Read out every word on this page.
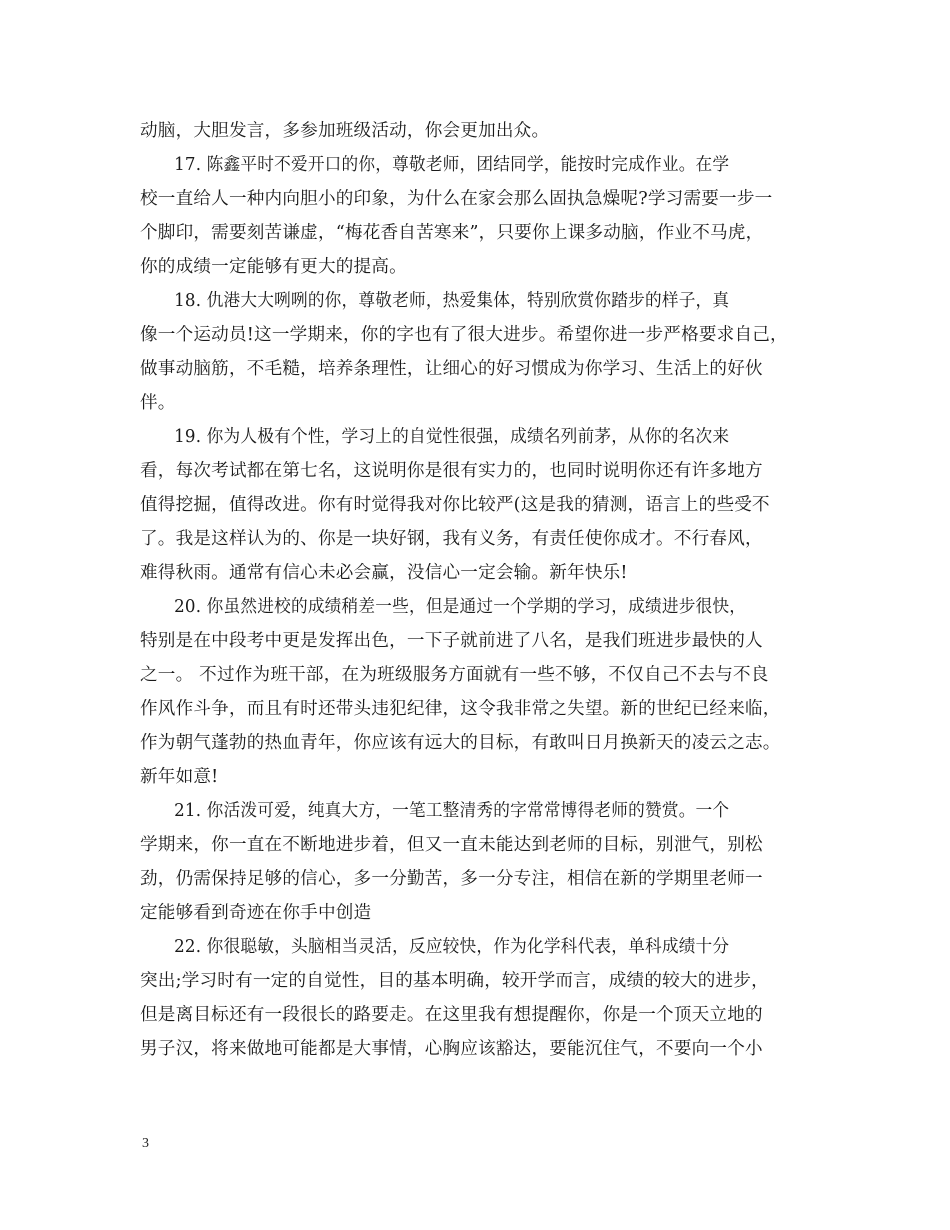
动脑，大胆发言，多参加班级活动，你会更加出众。
17. 陈鑫平时不爱开口的你，尊敬老师，团结同学，能按时完成作业。在学
校一直给人一种内向胆小的印象，为什么在家会那么固执急燥呢?学习需要一步一
个脚印，需要刻苦谦虚，“梅花香自苦寒来”，只要你上课多动脑，作业不马虎，
你的成绩一定能够有更大的提高。
18. 仇港大大咧咧的你，尊敬老师，热爱集体，特别欣赏你踏步的样子，真
像一个运动员!这一学期来，你的字也有了很大进步。希望你进一步严格要求自己，
做事动脑筋，不毛糙，培养条理性，让细心的好习惯成为你学习、生活上的好伙
伴。
19. 你为人极有个性，学习上的自觉性很强，成绩名列前茅，从你的名次来
看，每次考试都在第七名，这说明你是很有实力的，也同时说明你还有许多地方
值得挖掘，值得改进。你有时觉得我对你比较严(这是我的猜测，语言上的些受不
了。我是这样认为的、你是一块好钢，我有义务，有责任使你成才。不行春风，
难得秋雨。通常有信心未必会赢，没信心一定会输。新年快乐!
20. 你虽然进校的成绩稍差一些，但是通过一个学期的学习，成绩进步很快，
特别是在中段考中更是发挥出色，一下子就前进了八名，是我们班进步最快的人
之一。 不过作为班干部，在为班级服务方面就有一些不够，不仅自己不去与不良
作风作斗争，而且有时还带头违犯纪律，这令我非常之失望。新的世纪已经来临，
作为朝气蓬勃的热血青年，你应该有远大的目标，有敢叫日月换新天的凌云之志。
新年如意!
21. 你活泼可爱，纯真大方，一笔工整清秀的字常常博得老师的赞赏。一个
学期来，你一直在不断地进步着，但又一直未能达到老师的目标，别泄气，别松
劲，仍需保持足够的信心，多一分勤苦，多一分专注，相信在新的学期里老师一
定能够看到奇迹在你手中创造
22. 你很聪敏，头脑相当灵活，反应较快，作为化学科代表，单科成绩十分
突出;学习时有一定的自觉性，目的基本明确，较开学而言，成绩的较大的进步，
但是离目标还有一段很长的路要走。在这里我有想提醒你，你是一个顶天立地的
男子汉，将来做地可能都是大事情，心胸应该豁达，要能沉住气，不要向一个小
3
